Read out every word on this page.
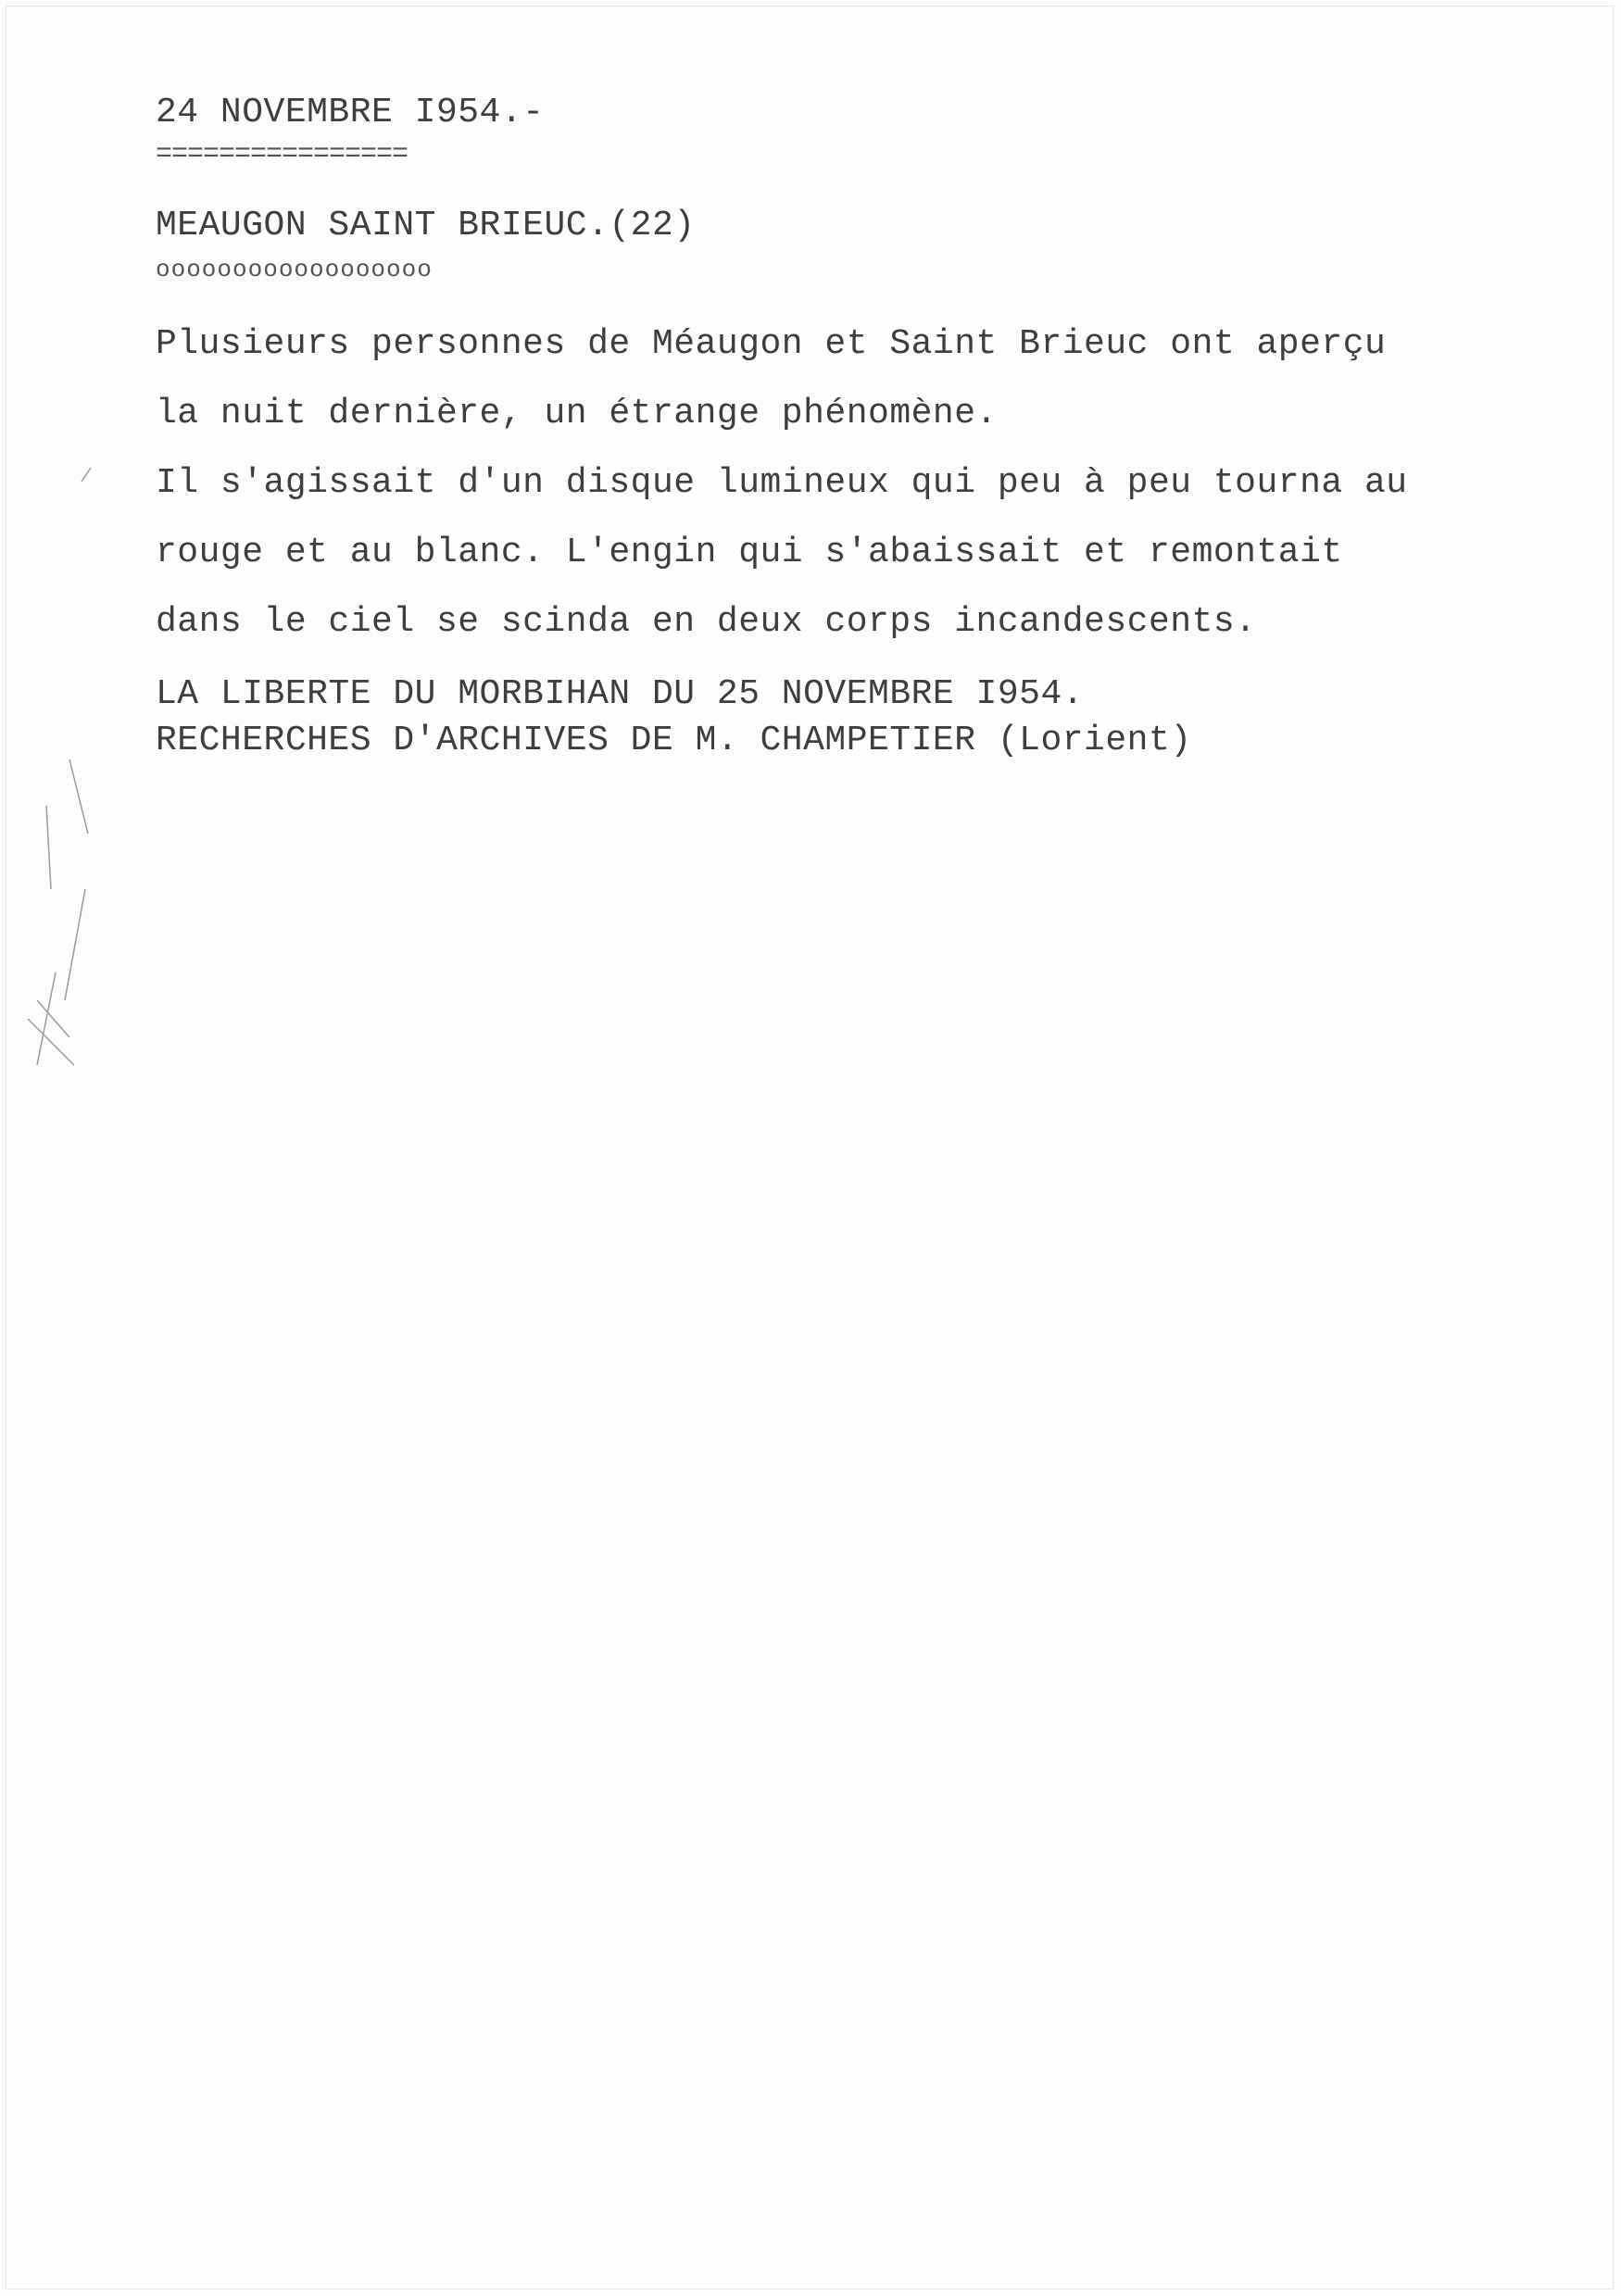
24 NOVEMBRE I954.-

================

MEAUGON SAINT BRIEUC.(22)

oooooooooooooooooo

Plusieurs personnes de Méaugon et Saint Brieuc ont aperçu

la nuit dernière, un étrange phénomène.

Il s'agissait d'un disque lumineux qui peu à peu tourna au

rouge et au blanc. L'engin qui s'abaissait et remontait

dans le ciel se scinda en deux corps incandescents.

LA LIBERTE DU MORBIHAN DU 25 NOVEMBRE I954.

RECHERCHES D'ARCHIVES DE M. CHAMPETIER (Lorient)
